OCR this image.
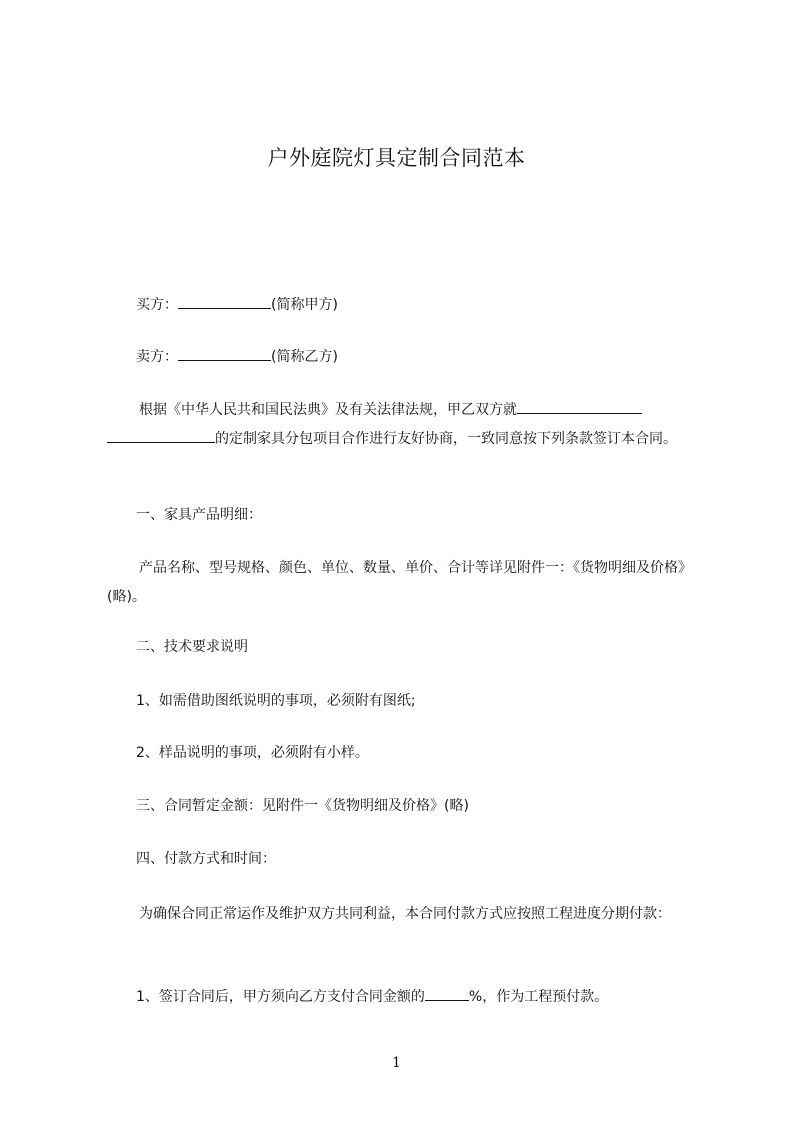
户外庭院灯具定制合同范本
买方：	(简称甲方)
卖方：	(简称乙方)
根据《中华人民共和国民法典》及有关法律法规，甲乙双方就的定制家具分包项目合作进行友好协商，一致同意按下列条款签订本合同。
一、家具产品明细：
产品名称、型号规格、颜色、单位、数量、单价、合计等详见附件一：《货物明细及价格》(略)。
二、技术要求说明
1、如需借助图纸说明的事项，必须附有图纸;
2、样品说明的事项，必须附有小样。
三、合同暂定金额：见附件一《货物明细及价格》(略)
四、付款方式和时间：
为确保合同正常运作及维护双方共同利益，本合同付款方式应按照工程进度分期付款：
1、签订合同后，甲方须向乙方支付合同金额的	%，作为工程预付款。
1
